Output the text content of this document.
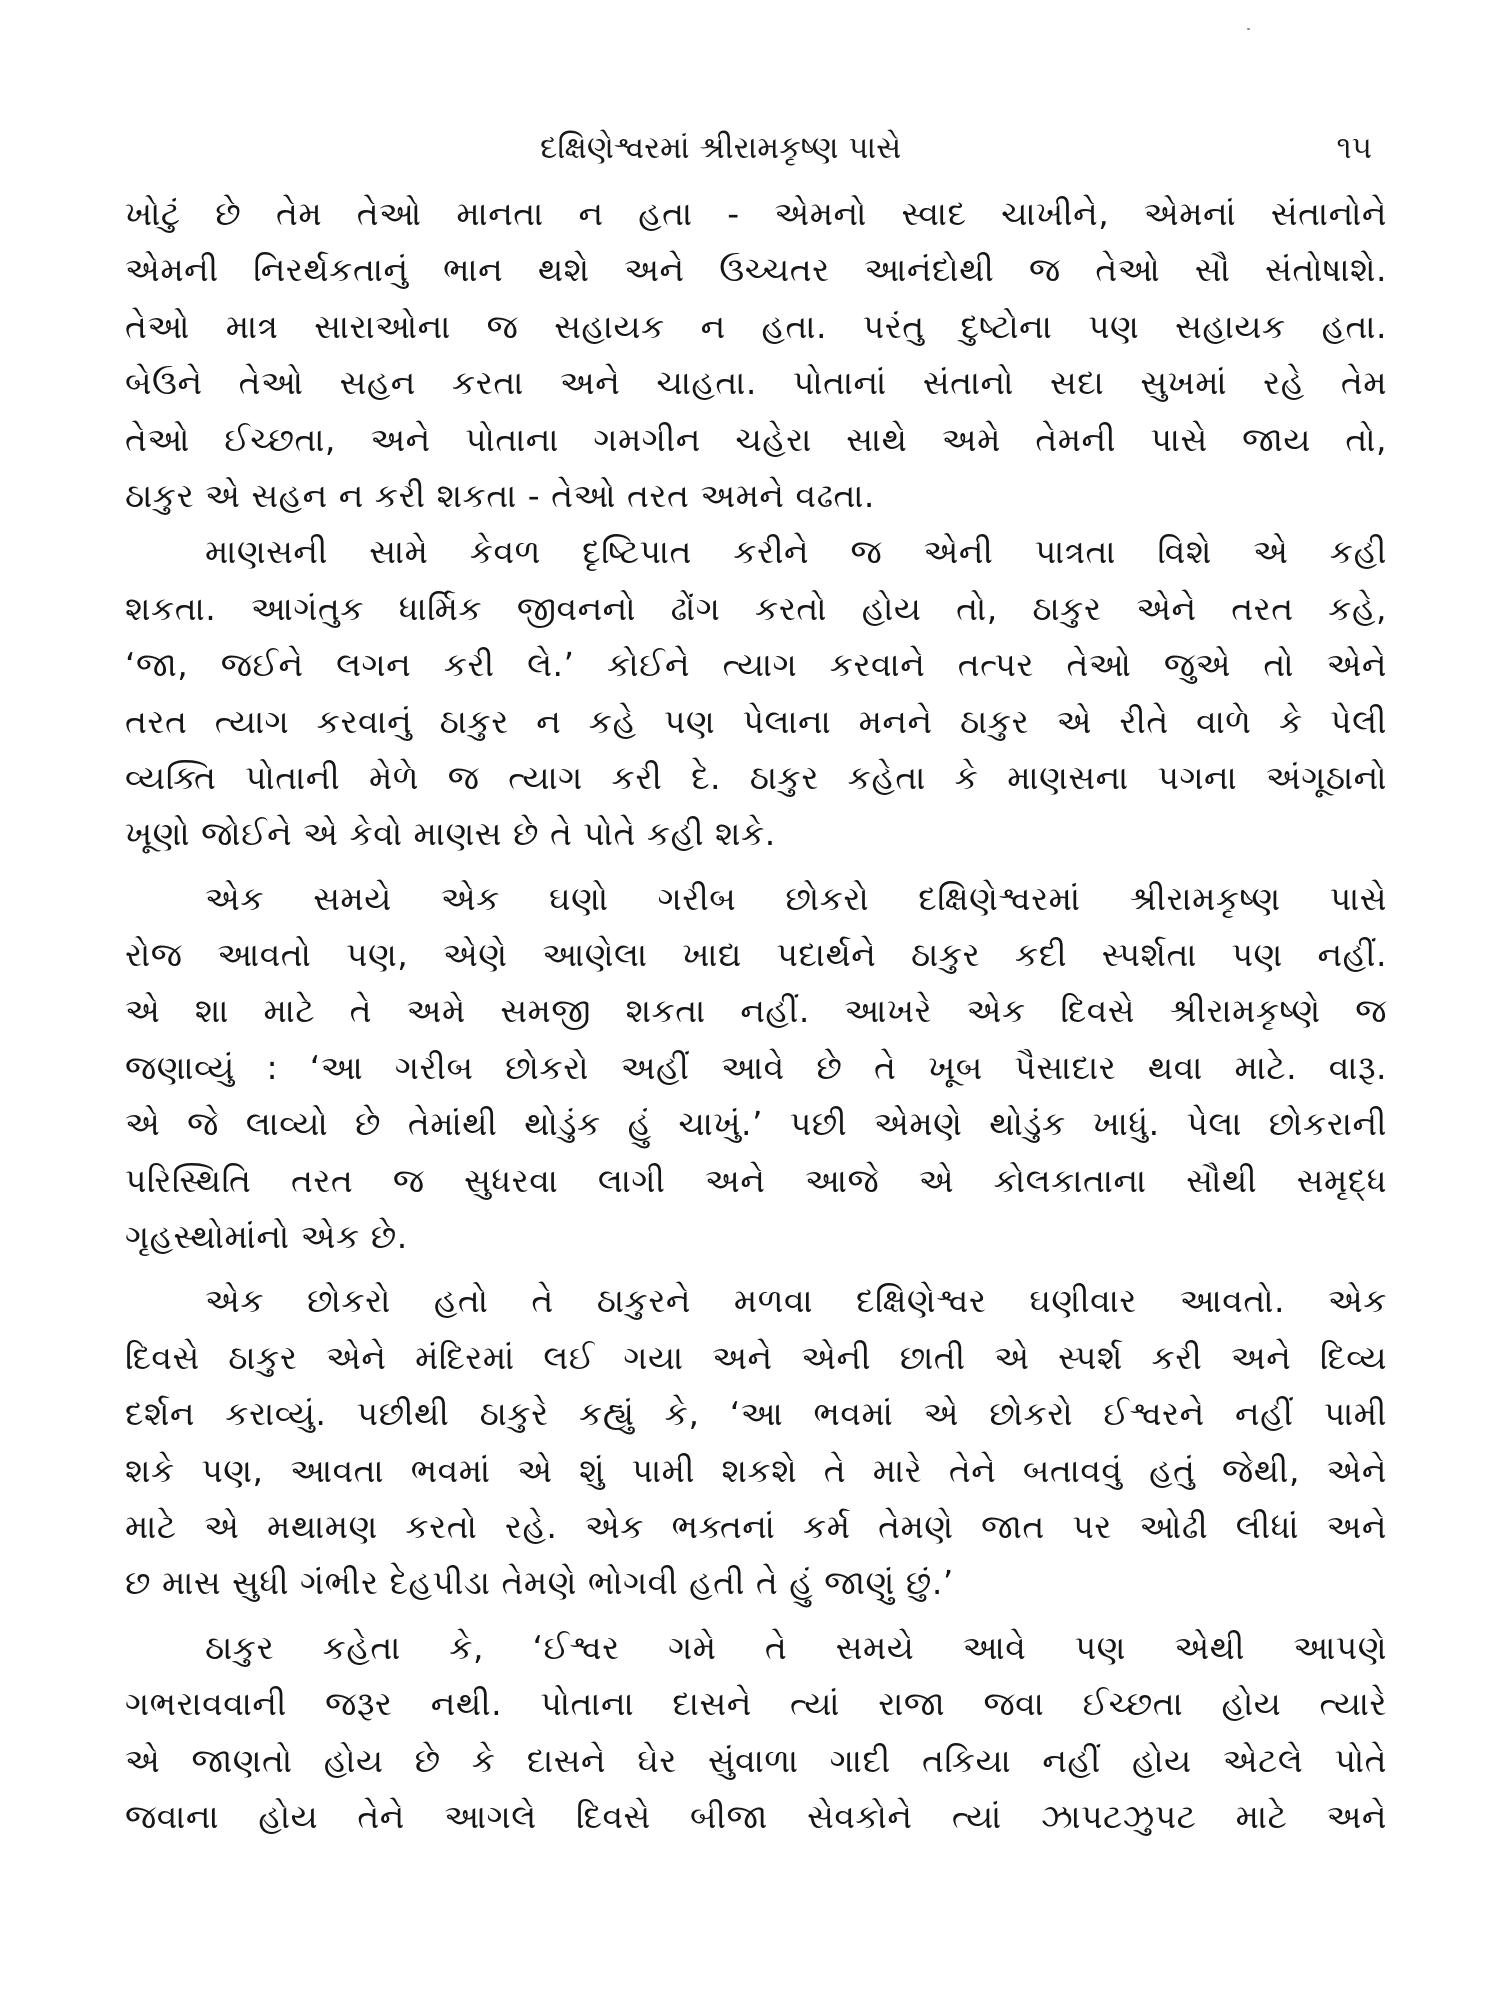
દક્ષિણેશ્વરમાં શ્રીરામકૃષ્ણ પાસે	૧૫
ખોટું છે તેમ તેઓ માનતા ન હતા - એમનો સ્વાદ ચાખીને, એમનાં સંતાનોને
એમની નિરર્થકતાનું ભાન થશે અને ઉચ્ચતર આનંદોથી જ તેઓ સૌ સંતોષાશે.
તેઓ માત્ર સારાઓના જ સહાયક ન હતા. પરંતુ દુષ્ટોના પણ સહાયક હતા.
બેઉને તેઓ સહન કરતા અને ચાહતા. પોતાનાં સંતાનો સદા સુખમાં રહે તેમ
તેઓ ઈચ્છતા, અને પોતાના ગમગીન ચહેરા સાથે અમે તેમની પાસે જાય તો,
ઠાકુર એ સહન ન કરી શકતા - તેઓ તરત અમને વઢતા.
માણસની સામે કેવળ દૃષ્ટિપાત કરીને જ એની પાત્રતા વિશે એ કહી
શકતા. આગંતુક ધાર્મિક જીવનનો ઢોંગ કરતો હોય તો, ઠાકુર એને તરત કહે,
‘જા, જઈને લગન કરી લે.’ કોઈને ત્યાગ કરવાને તત્પર તેઓ જુએ તો એને
તરત ત્યાગ કરવાનું ઠાકુર ન કહે પણ પેલાના મનને ઠાકુર એ રીતે વાળે કે પેલી
વ્યક્તિ પોતાની મેળે જ ત્યાગ કરી દે. ઠાકુર કહેતા કે માણસના પગના અંગૂઠાનો
ખૂણો જોઈને એ કેવો માણસ છે તે પોતે કહી શકે.
એક સમયે એક ઘણો ગરીબ છોકરો દક્ષિણેશ્વરમાં શ્રીરામકૃષ્ણ પાસે
રોજ આવતો પણ, એણે આણેલા ખાદ્ય પદાર્થને ઠાકુર કદી સ્પર્શતા પણ નહીં.
એ શા માટે તે અમે સમજી શકતા નહીં. આખરે એક દિવસે શ્રીરામકૃષ્ણે જ
જણાવ્યું : ‘આ ગરીબ છોકરો અહીં આવે છે તે ખૂબ પૈસાદાર થવા માટે. વારૂ.
એ જે લાવ્યો છે તેમાંથી થોડુંક હું ચાખું.’ પછી એમણે થોડુંક ખાધું. પેલા છોકરાની
પરિસ્થિતિ તરત જ સુધરવા લાગી અને આજે એ કોલકાતાના સૌથી સમૃદ્ધ
ગૃહસ્થોમાંનો એક છે.
એક છોકરો હતો તે ઠાકુરને મળવા દક્ષિણેશ્વર ઘણીવાર આવતો. એક
દિવસે ઠાકુર એને મંદિરમાં લઈ ગયા અને એની છાતી એ સ્પર્શ કરી અને દિવ્ય
દર્શન કરાવ્યું. પછીથી ઠાકુરે કહ્યું કે, ‘આ ભવમાં એ છોકરો ઈશ્વરને નહીં પામી
શકે પણ, આવતા ભવમાં એ શું પામી શકશે તે મારે તેને બતાવવું હતું જેથી, એને
માટે એ મથામણ કરતો રહે. એક ભક્તનાં કર્મ તેમણે જાત પર ઓઢી લીધાં અને
છ માસ સુધી ગંભીર દેહપીડા તેમણે ભોગવી હતી તે હું જાણું છું.’
ઠાકુર કહેતા કે, ‘ઈશ્વર ગમે તે સમયે આવે પણ એથી આપણે
ગભરાવવાની જરૂર નથી. પોતાના દાસને ત્યાં રાજા જવા ઈચ્છતા હોય ત્યારે
એ જાણતો હોય છે કે દાસને ઘેર સુંવાળા ગાદી તકિયા નહીં હોય એટલે પોતે
જવાના હોય તેને આગલે દિવસે બીજા સેવકોને ત્યાં ઝાપટઝુપટ માટે અને
